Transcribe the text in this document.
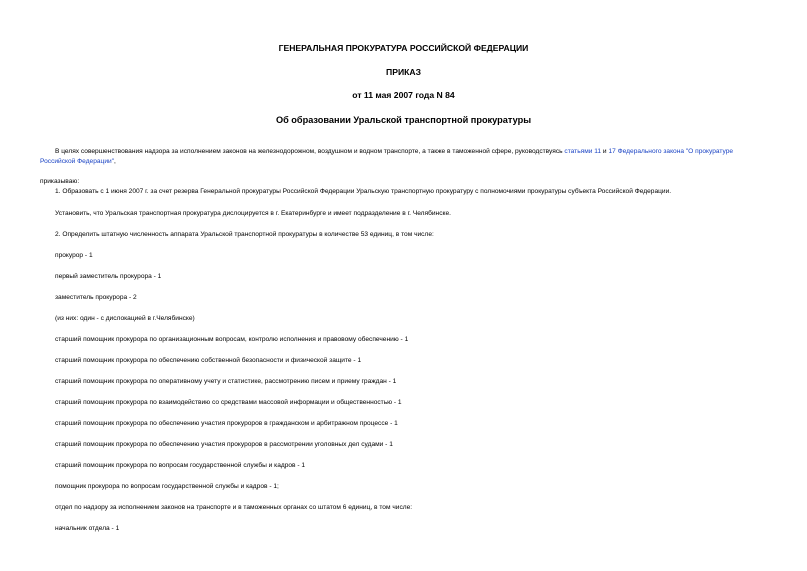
ГЕНЕРАЛЬНАЯ ПРОКУРАТУРА РОССИЙСКОЙ ФЕДЕРАЦИИ
ПРИКАЗ
от 11 мая 2007 года N 84
Об образовании Уральской транспортной прокуратуры
В целях совершенствования надзора за исполнением законов на железнодорожном, воздушном и водном транспорте, а также в таможенной сфере, руководствуясь статьями 11 и 17 Федерального закона "О прокуратуре Российской Федерации",
приказываю:
1. Образовать с 1 июня 2007 г. за счет резерва Генеральной прокуратуры Российской Федерации Уральскую транспортную прокуратуру с полномочиями прокуратуры субъекта Российской Федерации.
Установить, что Уральская транспортная прокуратура дислоцируется в г. Екатеринбурге и имеет подразделение в г. Челябинске.
2. Определить штатную численность аппарата Уральской транспортной прокуратуры в количестве 53 единиц, в том числе:
прокурор - 1
первый заместитель прокурора - 1
заместитель прокурора - 2
(из них: один - с дислокацией в г.Челябинске)
старший помощник прокурора по организационным вопросам, контролю исполнения и правовому обеспечению - 1
старший помощник прокурора по обеспечению собственной безопасности и физической защите - 1
старший помощник прокурора по оперативному учету и статистике, рассмотрению писем и приему граждан - 1
старший помощник прокурора по взаимодействию со средствами массовой информации и общественностью - 1
старший помощник прокурора по обеспечению участия прокуроров в гражданском и арбитражном процессе - 1
старший помощник прокурора по обеспечению участия прокуроров в рассмотрении уголовных дел судами - 1
старший помощник прокурора по вопросам государственной службы и кадров - 1
помощник прокурора по вопросам государственной службы и кадров - 1;
отдел по надзору за исполнением законов на транспорте и в таможенных органах со штатом 6 единиц, в том числе:
начальник отдела - 1
